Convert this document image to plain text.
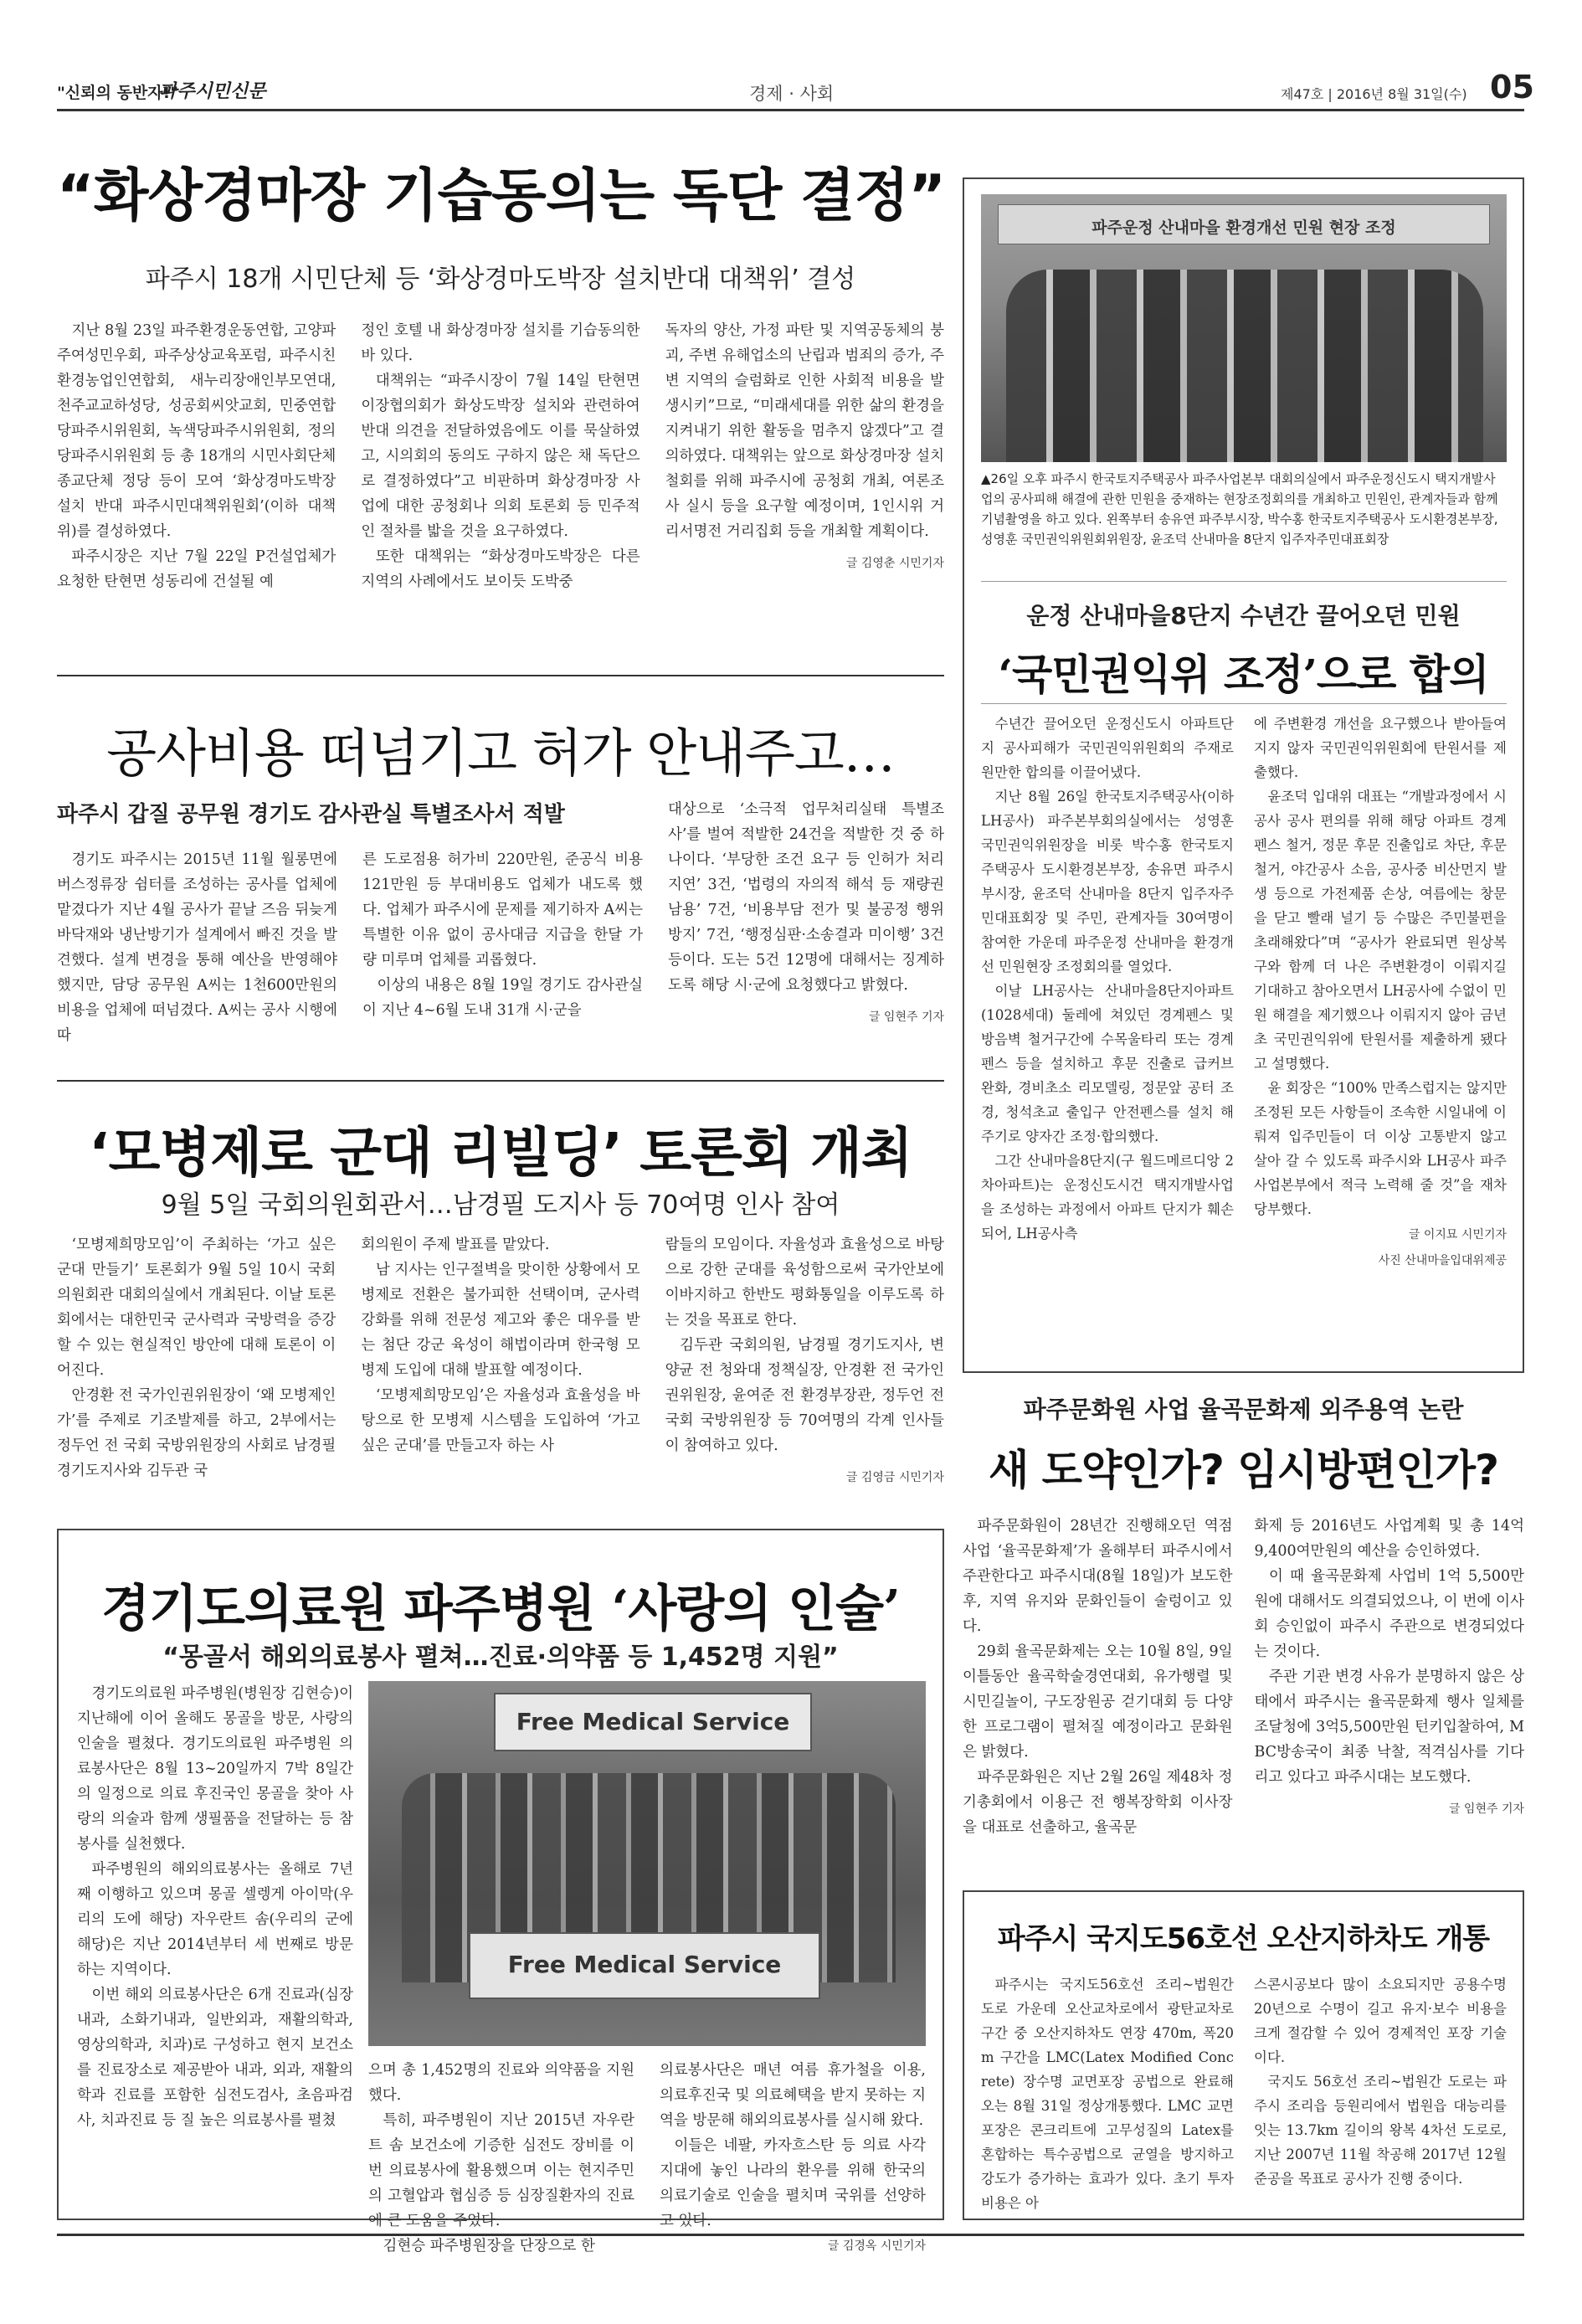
"신뢰의 동반자!"
파주시민신문	경제 · 사회	제47호 | 2016년 8월 31일(수) 05
“화상경마장 기습동의는 독단 결정”
파주시 18개 시민단체 등 ‘화상경마도박장 설치반대 대책위’ 결성

지난 8월 23일 파주환경운동연합, 고양파주여성민우회, 파주상상교육포럼, 파주시친환경농업인연합회, 새누리장애인부모연대, 천주교교하성당, 성공회씨앗교회, 민중연합당파주시위원회, 녹색당파주시위원회, 정의당파주시위원회 등 총 18개의 시민사회단체 종교단체 정당 등이 모여 ‘화상경마도박장 설치 반대 파주시민대책위원회’(이하 대책위)를 결성하였다.

파주시장은 지난 7월 22일 P건설업체가 요청한 탄현면 성동리에 건설될 예

정인 호텔 내 화상경마장 설치를 기습동의한 바 있다.

대책위는 “파주시장이 7월 14일 탄현면 이장협의회가 화상도박장 설치와 관련하여 반대 의견을 전달하였음에도 이를 묵살하였고, 시의회의 동의도 구하지 않은 채 독단으로 결정하였다”고 비판하며 화상경마장 사업에 대한 공청회나 의회 토론회 등 민주적인 절차를 밟을 것을 요구하였다.

또한 대책위는 “화상경마도박장은 다른 지역의 사례에서도 보이듯 도박중

독자의 양산, 가정 파탄 및 지역공동체의 붕괴, 주변 유해업소의 난립과 범죄의 증가, 주변 지역의 슬럼화로 인한 사회적 비용을 발생시키”므로, “미래세대를 위한 삶의 환경을 지켜내기 위한 활동을 멈추지 않겠다”고 결의하였다. 대책위는 앞으로 화상경마장 설치 철회를 위해 파주시에 공청회 개최, 여론조사 실시 등을 요구할 예정이며, 1인시위 거리서명전 거리집회 등을 개최할 계획이다.

글 김영춘 시민기자
공사비용 떠넘기고 허가 안내주고…
파주시 갑질 공무원 경기도 감사관실 특별조사서 적발	대상으로 ‘소극적 업무처리실태 특별조사’를 벌여 적발한 24건을 적발한 것 중 하나이다. ‘부당한 조건 요구 등 인허가 처리 지연’ 3건, ‘법령의 자의적 해석 등 재량권 남용’ 7건, ‘비용부담 전가 및 불공정 행위 방지’ 7건, ‘행정심판·소송결과 미이행’ 3건 등이다. 도는 5건 12명에 대해서는 징계하도록 해당 시·군에 요청했다고 밝혔다.

글 임현주 기자

경기도 파주시는 2015년 11월 월롱면에 버스정류장 쉼터를 조성하는 공사를 업체에 맡겼다가 지난 4월 공사가 끝날 즈음 뒤늦게 바닥재와 냉난방기가 설계에서 빠진 것을 발견했다. 설계 변경을 통해 예산을 반영해야 했지만, 담당 공무원 A씨는 1천600만원의 비용을 업체에 떠넘겼다. A씨는 공사 시행에 따

른 도로점용 허가비 220만원, 준공식 비용 121만원 등 부대비용도 업체가 내도록 했다. 업체가 파주시에 문제를 제기하자 A씨는 특별한 이유 없이 공사대금 지급을 한달 가량 미루며 업체를 괴롭혔다.

이상의 내용은 8월 19일 경기도 감사관실이 지난 4~6월 도내 31개 시·군을

‘모병제로 군대 리빌딩’ 토론회 개최
9월 5일 국회의원회관서…남경필 도지사 등 70여명 인사 참여

‘모병제희망모임’이 주최하는 ‘가고 싶은 군대 만들기’ 토론회가 9월 5일 10시 국회의원회관 대회의실에서 개최된다. 이날 토론회에서는 대한민국 군사력과 국방력을 증강할 수 있는 현실적인 방안에 대해 토론이 이어진다.

안경환 전 국가인권위원장이 ‘왜 모병제인가’를 주제로 기조발제를 하고, 2부에서는 정두언 전 국회 국방위원장의 사회로 남경필 경기도지사와 김두관 국

회의원이 주제 발표를 맡았다.

남 지사는 인구절벽을 맞이한 상황에서 모병제로 전환은 불가피한 선택이며, 군사력 강화를 위해 전문성 제고와 좋은 대우를 받는 첨단 강군 육성이 해법이라며 한국형 모병제 도입에 대해 발표할 예정이다.

‘모병제희망모임’은 자율성과 효율성을 바탕으로 한 모병제 시스템을 도입하여 ‘가고 싶은 군대’를 만들고자 하는 사

람들의 모임이다. 자율성과 효율성으로 바탕으로 강한 군대를 육성함으로써 국가안보에 이바지하고 한반도 평화통일을 이루도록 하는 것을 목표로 한다.

김두관 국회의원, 남경필 경기도지사, 변양균 전 청와대 정책실장, 안경환 전 국가인권위원장, 윤여준 전 환경부장관, 정두언 전 국회 국방위원장 등 70여명의 각계 인사들이 참여하고 있다.

글 김영금 시민기자
경기도의료원 파주병원 ‘사랑의 인술’
“몽골서 해외의료봉사 펼쳐…진료·의약품 등 1,452명 지원”

경기도의료원 파주병원(병원장 김현승)이 지난해에 이어 올해도 몽골을 방문, 사랑의 인술을 펼쳤다. 경기도의료원 파주병원 의료봉사단은 8월 13~20일까지 7박 8일간의 일정으로 의료 후진국인 몽골을 찾아 사랑의 의술과 함께 생필품을 전달하는 등 참봉사를 실천했다.

파주병원의 해외의료봉사는 올해로 7년째 이행하고 있으며 몽골 셀렝게 아이막(우리의 도에 해당) 자우란트 솜(우리의 군에 해당)은 지난 2014년부터 세 번째로 방문하는 지역이다.

이번 해외 의료봉사단은 6개 진료과(심장내과, 소화기내과, 일반외과, 재활의학과, 영상의학과, 치과)로 구성하고 현지 보건소를 진료장소로 제공받아 내과, 외과, 재활의학과 진료를 포함한 심전도검사, 초음파검사, 치과진료 등 질 높은 의료봉사를 펼쳤

Free Medical Service
Free Medical Service

으며 총 1,452명의 진료와 의약품을 지원했다.

특히, 파주병원이 지난 2015년 자우란트 솜 보건소에 기증한 심전도 장비를 이번 의료봉사에 활용했으며 이는 현지주민의 고혈압과 협심증 등 심장질환자의 진료에 큰 도움을 주었다.

김현승 파주병원장을 단장으로 한

의료봉사단은 매년 여름 휴가철을 이용, 의료후진국 및 의료혜택을 받지 못하는 지역을 방문해 해외의료봉사를 실시해 왔다.

이들은 네팔, 카자흐스탄 등 의료 사각지대에 놓인 나라의 환우를 위해 한국의 의료기술로 인술을 펼치며 국위를 선양하고 있다.

글 김경옥 시민기자
파주운정 산내마을 환경개선 민원 현장 조정
▲26일 오후 파주시 한국토지주택공사 파주사업본부 대회의실에서 파주운정신도시 택지개발사업의 공사피해 해결에 관한 민원을 중재하는 현장조정회의를 개최하고 민원인, 관계자들과 함께 기념촬영을 하고 있다. 왼쪽부터 송유연 파주부시장, 박수홍 한국토지주택공사 도시환경본부장, 성영훈 국민권익위원회위원장, 윤조덕 산내마을 8단지 입주자주민대표회장
운정 산내마을8단지 수년간 끌어오던 민원
‘국민권익위 조정’으로 합의

수년간 끌어오던 운정신도시 아파트단지 공사피해가 국민권익위원회의 주재로 원만한 합의를 이끌어냈다.

지난 8월 26일 한국토지주택공사(이하 LH공사) 파주본부회의실에서는 성영훈 국민권익위원장을 비롯 박수홍 한국토지주택공사 도시환경본부장, 송유면 파주시부시장, 윤조덕 산내마을 8단지 입주자주민대표회장 및 주민, 관계자들 30여명이 참여한 가운데 파주운정 산내마을 환경개선 민원현장 조정회의를 열었다.

이날 LH공사는 산내마을8단지아파트(1028세대) 둘레에 쳐있던 경계펜스 및 방음벽 철거구간에 수목울타리 또는 경계펜스 등을 설치하고 후문 진출로 급커브 완화, 경비초소 리모델링, 정문앞 공터 조경, 청석초교 출입구 안전펜스를 설치 해주기로 양자간 조정·합의했다.

그간 산내마을8단지(구 월드메르디앙 2차아파트)는 운정신도시건 택지개발사업을 조성하는 과정에서 아파트 단지가 훼손되어, LH공사측

에 주변환경 개선을 요구했으나 받아들여지지 않자 국민권익위원회에 탄원서를 제출했다.

윤조덕 입대위 대표는 “개발과정에서 시공사 공사 편의를 위해 해당 아파트 경계펜스 철거, 정문 후문 진출입로 차단, 후문 철거, 야간공사 소음, 공사중 비산먼지 발생 등으로 가전제품 손상, 여름에는 창문을 닫고 빨래 널기 등 수많은 주민불편을 초래해왔다”며 “공사가 완료되면 원상복구와 함께 더 나은 주변환경이 이뤄지길 기대하고 참아오면서 LH공사에 수없이 민원 해결을 제기했으나 이뤄지지 않아 금년 초 국민권익위에 탄원서를 제출하게 됐다고 설명했다.

윤 회장은 “100% 만족스럽지는 않지만 조정된 모든 사항들이 조속한 시일내에 이뤄져 입주민들이 더 이상 고통받지 않고 살아 갈 수 있도록 파주시와 LH공사 파주사업본부에서 적극 노력해 줄 것”을 재차 당부했다.

글 이지묘 시민기자
사진 산내마을입대위제공
파주문화원 사업 율곡문화제 외주용역 논란
새 도약인가? 임시방편인가?

파주문화원이 28년간 진행해오던 역점사업 ‘율곡문화제’가 올해부터 파주시에서 주관한다고 파주시대(8월 18일)가 보도한 후, 지역 유지와 문화인들이 술렁이고 있다.

29회 율곡문화제는 오는 10월 8일, 9일 이틀동안 율곡학술경연대회, 유가행렬 및 시민길놀이, 구도장원공 걷기대회 등 다양한 프로그램이 펼쳐질 예정이라고 문화원은 밝혔다.

파주문화원은 지난 2월 26일 제48차 정기총회에서 이용근 전 행복장학회 이사장을 대표로 선출하고, 율곡문

화제 등 2016년도 사업계획 및 총 14억 9,400여만원의 예산을 승인하였다.

이 때 율곡문화제 사업비 1억 5,500만 원에 대해서도 의결되었으나, 이 번에 이사회 승인없이 파주시 주관으로 변경되었다는 것이다.

주관 기관 변경 사유가 분명하지 않은 상태에서 파주시는 율곡문화제 행사 일체를 조달청에 3억5,500만원 턴키입찰하여, MBC방송국이 최종 낙찰, 적격심사를 기다리고 있다고 파주시대는 보도했다.

글 임현주 기자
파주시 국지도56호선 오산지하차도 개통

파주시는 국지도56호선 조리~법원간 도로 가운데 오산교차로에서 광탄교차로 구간 중 오산지하차도 연장 470m, 폭20m 구간을 LMC(Latex Modified Concrete) 장수명 교면포장 공법으로 완료해 오는 8월 31일 정상개통했다. LMC 교면포장은 콘크리트에 고무성질의 Latex를 혼합하는 특수공법으로 균열을 방지하고 강도가 증가하는 효과가 있다. 초기 투자비용은 아

스콘시공보다 많이 소요되지만 공용수명 20년으로 수명이 길고 유지·보수 비용을 크게 절감할 수 있어 경제적인 포장 기술이다.

국지도 56호선 조리~법원간 도로는 파주시 조리읍 등원리에서 법원읍 대능리를 잇는 13.7km 길이의 왕복 4차선 도로로, 지난 2007년 11월 착공해 2017년 12월 준공을 목표로 공사가 진행 중이다.
